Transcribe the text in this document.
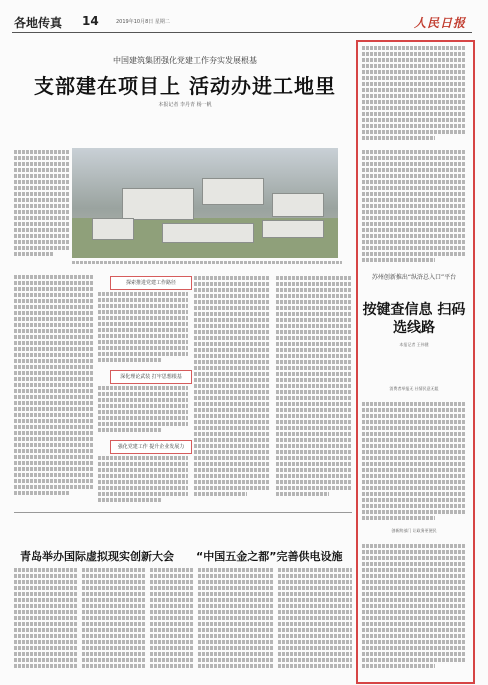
各地传真 14	2019年10月8日 星期二	人民日报
中国建筑集团强化党建工作夯实发展根基
支部建在项目上 活动办进工地里
本报记者 李丹青 杨一帆
探索推进党建工作路径
深化理论武装 打牢思想根基
强化党建工作 提升企业发展力
青岛举办国际虚拟现实创新大会	“中国五金之都”完善供电设施
苏州创新推出“纵浒总入口”平台
按键查信息 扫码选线路
本报记者 王伟健
消费者举报无 社情民意无阻
创新跨部门 让政务更便民
